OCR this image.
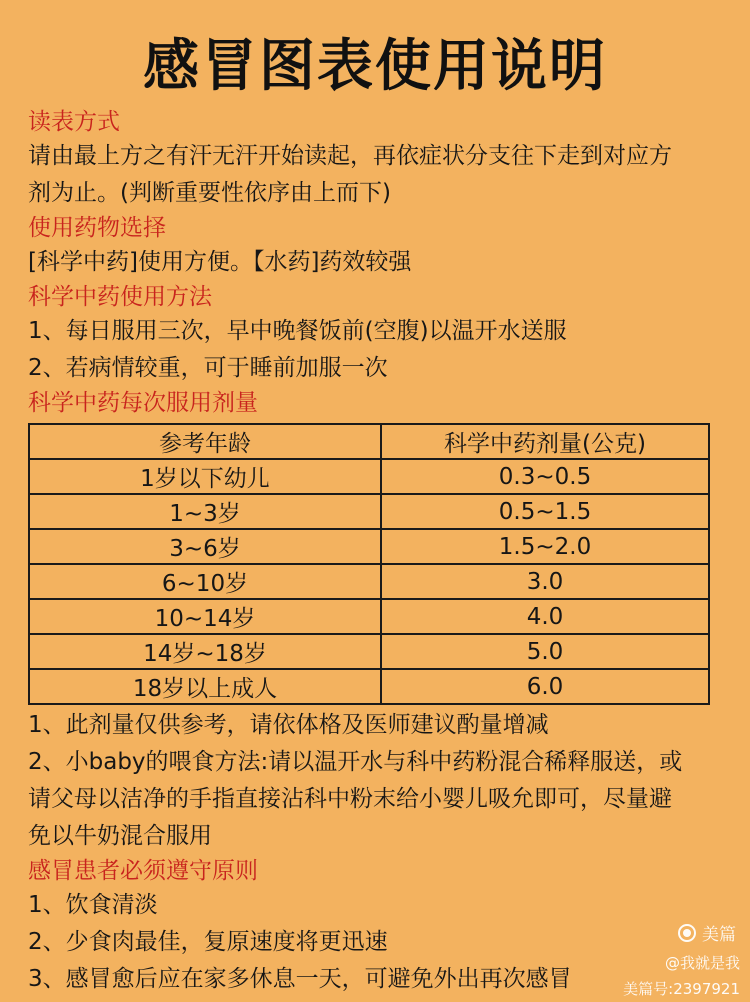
感冒图表使用说明
读表方式
请由最上方之有汗无汗开始读起，再依症状分支往下走到对应方
剂为止。(判断重要性依序由上而下)
使用药物选择
[科学中药]使用方便。【水药]药效较强
科学中药使用方法
1、每日服用三次，早中晚餐饭前(空腹)以温开水送服
2、若病情较重，可于睡前加服一次
科学中药每次服用剂量
参考年龄	科学中药剂量(公克)
1岁以下幼儿	0.3~0.5
1~3岁	0.5~1.5
3~6岁	1.5~2.0
6~10岁	3.0
10~14岁	4.0
14岁~18岁	5.0
18岁以上成人	6.0
1、此剂量仅供参考，请依体格及医师建议酌量增减
2、小baby的喂食方法:请以温开水与科中药粉混合稀释服送，或
请父母以洁净的手指直接沾科中粉末给小婴儿吸允即可，尽量避
免以牛奶混合服用
感冒患者必须遵守原则
1、饮食清淡
2、少食肉最佳，复原速度将更迅速
3、感冒愈后应在家多休息一天，可避免外出再次感冒
美篇
@我就是我
美篇号:2397921
